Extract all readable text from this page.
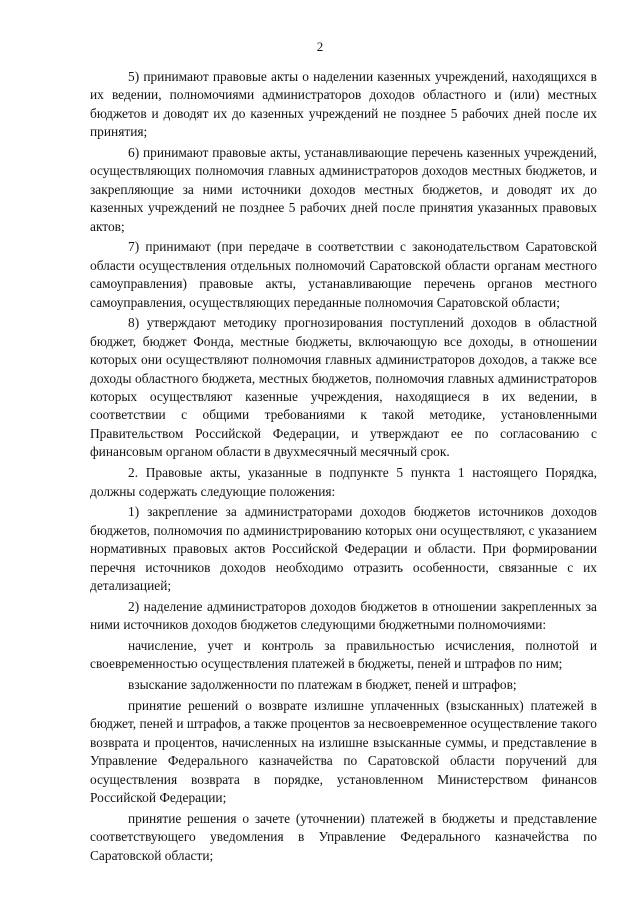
2

5) принимают правовые акты о наделении казенных учреждений, находящихся в их ведении, полномочиями администраторов доходов областного и (или) местных бюджетов и доводят их до казенных учреждений не позднее 5 рабочих дней после их принятия;

6) принимают правовые акты, устанавливающие перечень казенных учреждений, осуществляющих полномочия главных администраторов доходов местных бюджетов, и закрепляющие за ними источники доходов местных бюджетов, и доводят их до казенных учреждений не позднее 5 рабочих дней после принятия указанных правовых актов;

7) принимают (при передаче в соответствии с законодательством Саратовской области осуществления отдельных полномочий Саратовской области органам местного самоуправления) правовые акты, устанавливающие перечень органов местного самоуправления, осуществляющих переданные полномочия Саратовской области;

8) утверждают методику прогнозирования поступлений доходов в областной бюджет, бюджет Фонда, местные бюджеты, включающую все доходы, в отношении которых они осуществляют полномочия главных администраторов доходов, а также все доходы областного бюджета, местных бюджетов, полномочия главных администраторов которых осуществляют казенные учреждения, находящиеся в их ведении, в соответствии с общими требованиями к такой методике, установленными Правительством Российской Федерации, и утверждают ее по согласованию с финансовым органом области в двухмесячный месячный срок.

2. Правовые акты, указанные в подпункте 5 пункта 1 настоящего Порядка, должны содержать следующие положения:

1) закрепление за администраторами доходов бюджетов источников доходов бюджетов, полномочия по администрированию которых они осуществляют, с указанием нормативных правовых актов Российской Федерации и области. При формировании перечня источников доходов необходимо отразить особенности, связанные с их детализацией;

2) наделение администраторов доходов бюджетов в отношении закрепленных за ними источников доходов бюджетов следующими бюджетными полномочиями:

начисление, учет и контроль за правильностью исчисления, полнотой и своевременностью осуществления платежей в бюджеты, пеней и штрафов по ним;

взыскание задолженности по платежам в бюджет, пеней и штрафов;

принятие решений о возврате излишне уплаченных (взысканных) платежей в бюджет, пеней и штрафов, а также процентов за несвоевременное осуществление такого возврата и процентов, начисленных на излишне взысканные суммы, и представление в Управление Федерального казначейства по Саратовской области поручений для осуществления возврата в порядке, установленном Министерством финансов Российской Федерации;

принятие решения о зачете (уточнении) платежей в бюджеты и представление соответствующего уведомления в Управление Федерального казначейства по Саратовской области;
